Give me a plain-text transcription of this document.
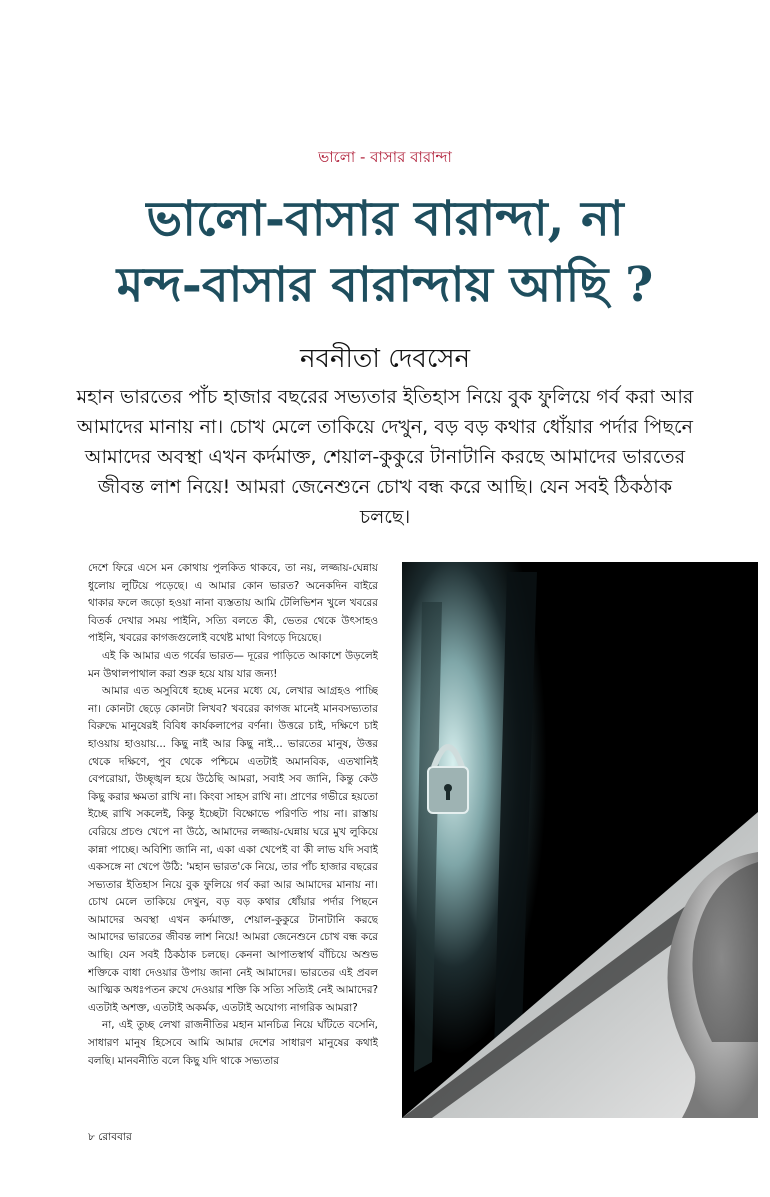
ভালো - বাসার বারান্দা
ভালো-বাসার বারান্দা, না
মন্দ-বাসার বারান্দায় আছি ?
নবনীতা দেবসেন
মহান ভারতের পাঁচ হাজার বছরের সভ্যতার ইতিহাস নিয়ে বুক ফুলিয়ে গর্ব করা আর আমাদের মানায় না। চোখ মেলে তাকিয়ে দেখুন, বড় বড় কথার ধোঁয়ার পর্দার পিছনে আমাদের অবস্থা এখন কর্দমাক্ত, শেয়াল-কুকুরে টানাটানি করছে আমাদের ভারতের জীবন্ত লাশ নিয়ে! আমরা জেনেশুনে চোখ বন্ধ করে আছি। যেন সবই ঠিকঠাক চলছে।

দেশে ফিরে এসে মন কোথায় পুলকিত থাকবে, তা নয়, লজ্জায়-ঘেন্নায় ধুলোয় লুটিয়ে পড়েছে। এ আমার কোন ভারত? অনেকদিন বাইরে থাকার ফলে জড়ো হওয়া নানা ব্যস্ততায় আমি টেলিভিশন খুলে খবরের বিতর্ক দেখার সময় পাইনি, সত্যি বলতে কী, ভেতর থেকে উৎসাহও পাইনি, খবরের কাগজগুলোই বথেষ্ট মাথা বিগড়ে দিয়েছে।

এই কি আমার এত গর্বের ভারত— দূরের পাড়িতে আকাশে উড়লেই মন উথালপাথাল করা শুরু হয়ে যায় যার জন্য!

আমার এত অসুবিধে হচ্ছে মনের মধ্যে যে, লেখার আগ্রহও পাচ্ছি না। কোনটা ছেড়ে কোনটা লিখব? খবরের কাগজ মানেই মানবসভ্যতার বিরুদ্ধে মানুষেরই বিবিধ কার্যকলাপের বর্ণনা। উত্তরে চাই, দক্ষিণে চাই হাওয়ায় হাওয়ায়... কিছু নাই আর কিছু নাই... ভারতের মানুষ, উত্তর থেকে দক্ষিণে, পুব থেকে পশ্চিমে এতটাই অমানবিক, এতখানিই বেপরোয়া, উচ্ছৃঙ্খল হয়ে উঠেছি আমরা, সবাই সব জানি, কিন্তু কেউ কিছু করার ক্ষমতা রাখি না। কিংবা সাহস রাখি না। প্রাণের গভীরে হয়তো ইচ্ছে রাখি সকলেই, কিন্তু ইচ্ছেটা বিক্ষোভে পরিণতি পায় না। রাস্তায় বেরিয়ে প্রচণ্ড খেপে না উঠে, আমাদের লজ্জায়-ঘেন্নায় ঘরে মুখ লুকিয়ে কান্না পাচ্ছে। অবিশ্যি জানি না, একা একা খেপেই বা কী লাভ যদি সবাই একসঙ্গে না খেপে উঠি: 'মহান ভারত'কে নিয়ে, তার পাঁচ হাজার বছরের সভ্যতার ইতিহাস নিয়ে বুক ফুলিয়ে গর্ব করা আর আমাদের মানায় না। চোখ মেলে তাকিয়ে দেখুন, বড় বড় কথার ধোঁয়ার পর্দার পিছনে আমাদের অবস্থা এখন কর্দমাক্ত, শেয়াল-কুকুরে টানাটানি করছে আমাদের ভারতের জীবন্ত লাশ নিয়ে! আমরা জেনেশুনে চোখ বন্ধ করে আছি। যেন সবই ঠিকঠাক চলছে। কেননা আপাতস্বার্থ বাঁচিয়ে অশুভ শক্তিকে বাধা দেওয়ার উপায় জানা নেই আমাদের। ভারতের এই প্রবল আত্মিক অধঃপতন রুখে দেওয়ার শক্তি কি সত্যি সত্যিই নেই আমাদের? এতটাই অশক্ত, এতটাই অকর্মক, এতটাই অযোগ্য নাগরিক আমরা?

না, এই তুচ্ছ লেখা রাজনীতির মহান মানচিত্র নিয়ে ঘাঁটতে বসেনি, সাধারণ মানুষ হিসেবে আমি আমার দেশের সাধারণ মানুষের কথাই বলছি। মানবনীতি বলে কিছু যদি থাকে সভ্যতার

৮ রোববার
